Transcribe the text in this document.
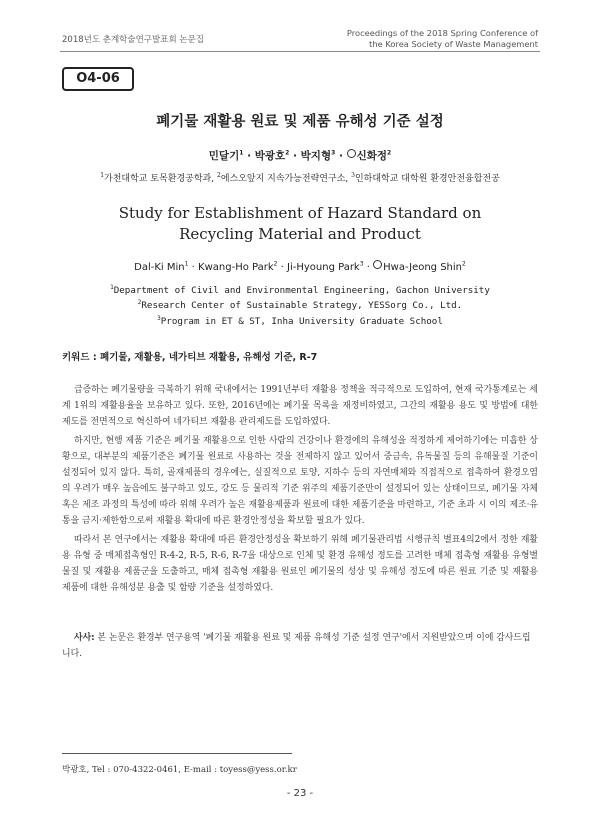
2018년도 춘계학술연구발표회 논문집
Proceedings of the 2018 Spring Conference of
the Korea Society of Waste Management
O4-06
폐기물 재활용 원료 및 제품 유해성 기준 설정
민달기$^1$ · 박광호$^2$ · 박지형$^3$ · 신화정$^2$
$^1$가천대학교 토목환경공학과, $^2$에스오앞지 지속가능전략연구소, $^3$인하대학교 대학원 환경안전융합전공
Study for Establishment of Hazard Standard on
Recycling Material and Product
Dal-Ki Min$^1$ · Kwang-Ho Park$^2$ · Ji-Hyoung Park$^3$ · Hwa-Jeong Shin$^2$
$^1$Department of Civil and Environmental Engineering, Gachon University
$^2$Research Center of Sustainable Strategy, YESSorg Co., Ltd.
$^3$Program in ET & ST, Inha University Graduate School
키워드 : 폐기물, 재활용, 네가티브 재활용, 유해성 기준, R-7

급증하는 폐기물량을 극복하기 위해 국내에서는 1991년부터 재활용 정책을 적극적으로 도입하여, 현재 국가통계로는 세계 1위의 재활용율을 보유하고 있다. 또한, 2016년에는 폐기물 목록을 재정비하였고, 그간의 재활용 용도 및 방법에 대한 제도를 전면적으로 혁신하여 네가티브 재활용 관리제도를 도입하였다.

하지만, 현행 제품 기준은 폐기물 재활용으로 인한 사람의 건강이나 환경에의 유해성을 적정하게 제어하기에는 미흡한 상황으로, 대부분의 제품기준은 폐기물 원료로 사용하는 것을 전제하지 않고 있어서 중금속, 유독물질 등의 유해물질 기준이 설정되어 있지 않다. 특히, 골재제품의 경우에는, 실질적으로 토양, 지하수 등의 자연매체와 직접적으로 접촉하여 환경오염의 우려가 매우 높음에도 불구하고 있도, 강도 등 물리적 기준 위주의 제품기준만이 설정되어 있는 상태이므로, 폐기물 자체 혹은 제조 과정의 특성에 따라 위해 우려가 높은 재활용제품과 원료에 대한 제품기준을 마련하고, 기준 초과 시 이의 제조·유통을 금지·제한함으로써 재활용 확대에 따른 환경안정성을 확보할 필요가 있다.

따라서 본 연구에서는 재활용 확대에 따른 환경안정성을 확보하기 위해 폐기물관리법 시행규칙 별표4의2에서 정한 재활용 유형 중 매체접촉형인 R-4-2, R-5, R-6, R-7을 대상으로 인체 및 환경 유해성 정도를 고려한 매체 접촉형 재활용 유형별 물질 및 재활용 제품군을 도출하고, 매체 접촉형 재활용 원료인 폐기물의 성상 및 유해성 정도에 따른 원료 기준 및 재활용 제품에 대한 유해성분 용출 및 함량 기준을 설정하였다.

사사: 본 논문은 환경부 연구용역 '폐기물 재활용 원료 및 제품 유해성 기준 설정 연구'에서 지원받았으며 이에 감사드립니다.
박광호, Tel : 070-4322-0461, E-mail : toyess@yess.or.kr
- 23 -
